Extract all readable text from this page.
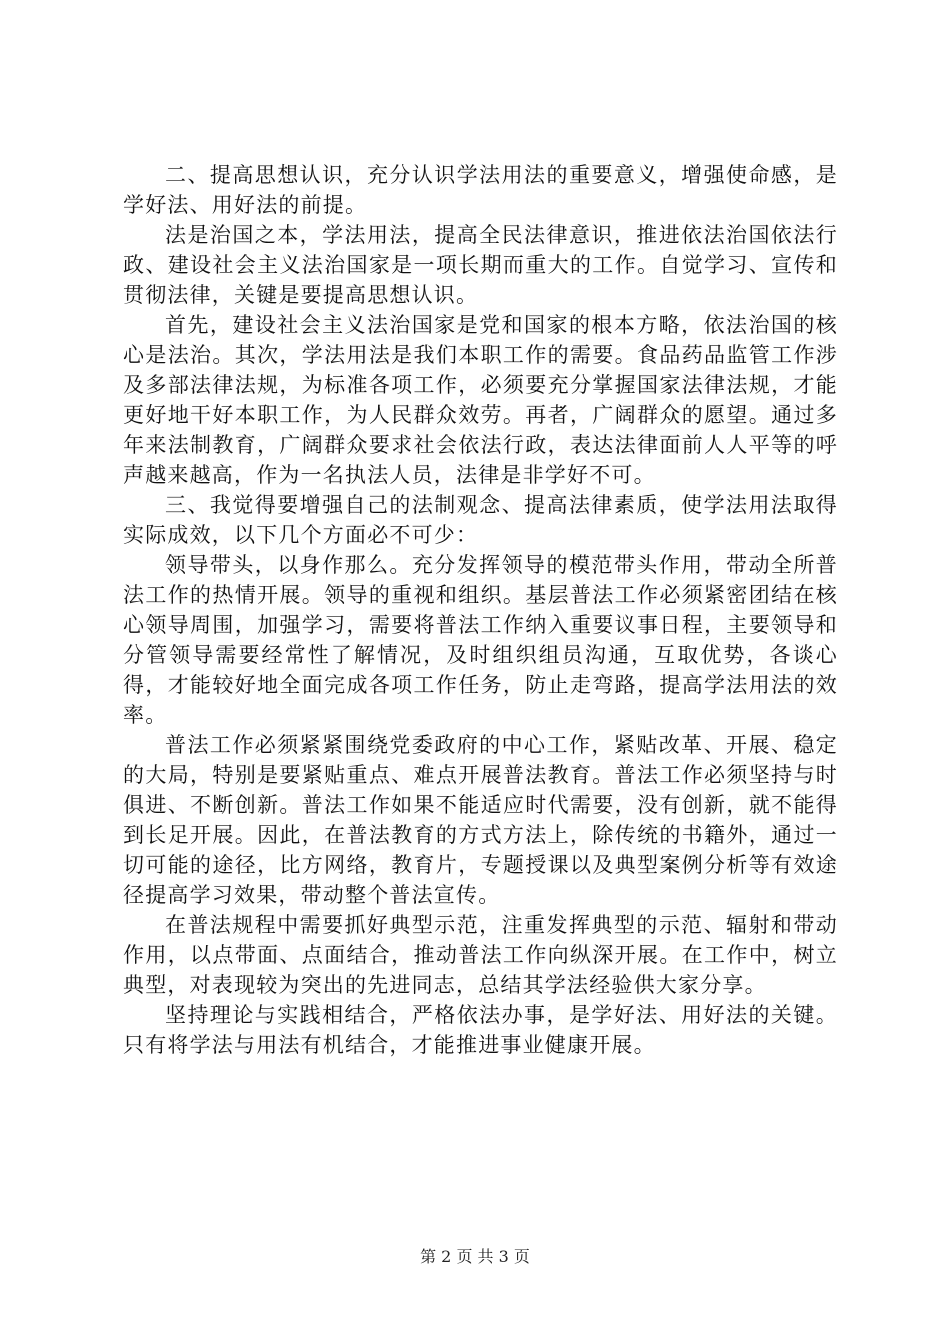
二、提高思想认识，充分认识学法用法的重要意义，增强使命感，是学好法、用好法的前提。

法是治国之本，学法用法，提高全民法律意识，推进依法治国依法行政、建设社会主义法治国家是一项长期而重大的工作。自觉学习、宣传和贯彻法律，关键是要提高思想认识。

首先，建设社会主义法治国家是党和国家的根本方略，依法治国的核心是法治。其次，学法用法是我们本职工作的需要。食品药品监管工作涉及多部法律法规，为标准各项工作，必须要充分掌握国家法律法规，才能更好地干好本职工作，为人民群众效劳。再者，广阔群众的愿望。通过多年来法制教育，广阔群众要求社会依法行政，表达法律面前人人平等的呼声越来越高，作为一名执法人员，法律是非学好不可。

三、我觉得要增强自己的法制观念、提高法律素质，使学法用法取得实际成效，以下几个方面必不可少：

领导带头，以身作那么。充分发挥领导的模范带头作用，带动全所普法工作的热情开展。领导的重视和组织。基层普法工作必须紧密团结在核心领导周围，加强学习，需要将普法工作纳入重要议事日程，主要领导和分管领导需要经常性了解情况，及时组织组员沟通，互取优势，各谈心得，才能较好地全面完成各项工作任务，防止走弯路，提高学法用法的效率。

普法工作必须紧紧围绕党委政府的中心工作，紧贴改革、开展、稳定的大局，特别是要紧贴重点、难点开展普法教育。普法工作必须坚持与时俱进、不断创新。普法工作如果不能适应时代需要，没有创新，就不能得到长足开展。因此，在普法教育的方式方法上，除传统的书籍外，通过一切可能的途径，比方网络，教育片，专题授课以及典型案例分析等有效途径提高学习效果，带动整个普法宣传。

在普法规程中需要抓好典型示范，注重发挥典型的示范、辐射和带动作用，以点带面、点面结合，推动普法工作向纵深开展。在工作中，树立典型，对表现较为突出的先进同志，总结其学法经验供大家分享。

坚持理论与实践相结合，严格依法办事，是学好法、用好法的关键。只有将学法与用法有机结合，才能推进事业健康开展。

第 2 页 共 3 页
